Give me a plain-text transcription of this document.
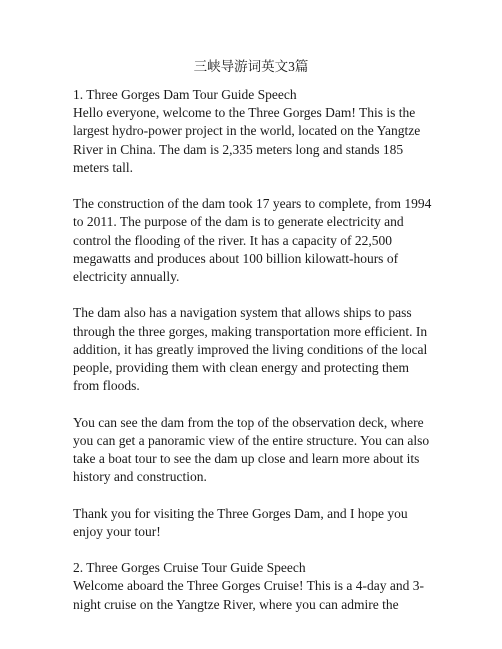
三峡导游词英文3篇

1. Three Gorges Dam Tour Guide Speech
Hello everyone, welcome to the Three Gorges Dam! This is the largest hydro-power project in the world, located on the Yangtze River in China. The dam is 2,335 meters long and stands 185 meters tall.

The construction of the dam took 17 years to complete, from 1994 to 2011. The purpose of the dam is to generate electricity and control the flooding of the river. It has a capacity of 22,500 megawatts and produces about 100 billion kilowatt-hours of electricity annually.

The dam also has a navigation system that allows ships to pass through the three gorges, making transportation more efficient. In addition, it has greatly improved the living conditions of the local people, providing them with clean energy and protecting them from floods.

You can see the dam from the top of the observation deck, where you can get a panoramic view of the entire structure. You can also take a boat tour to see the dam up close and learn more about its history and construction.

Thank you for visiting the Three Gorges Dam, and I hope you enjoy your tour!

2. Three Gorges Cruise Tour Guide Speech
Welcome aboard the Three Gorges Cruise! This is a 4-day and 3-night cruise on the Yangtze River, where you can admire the
